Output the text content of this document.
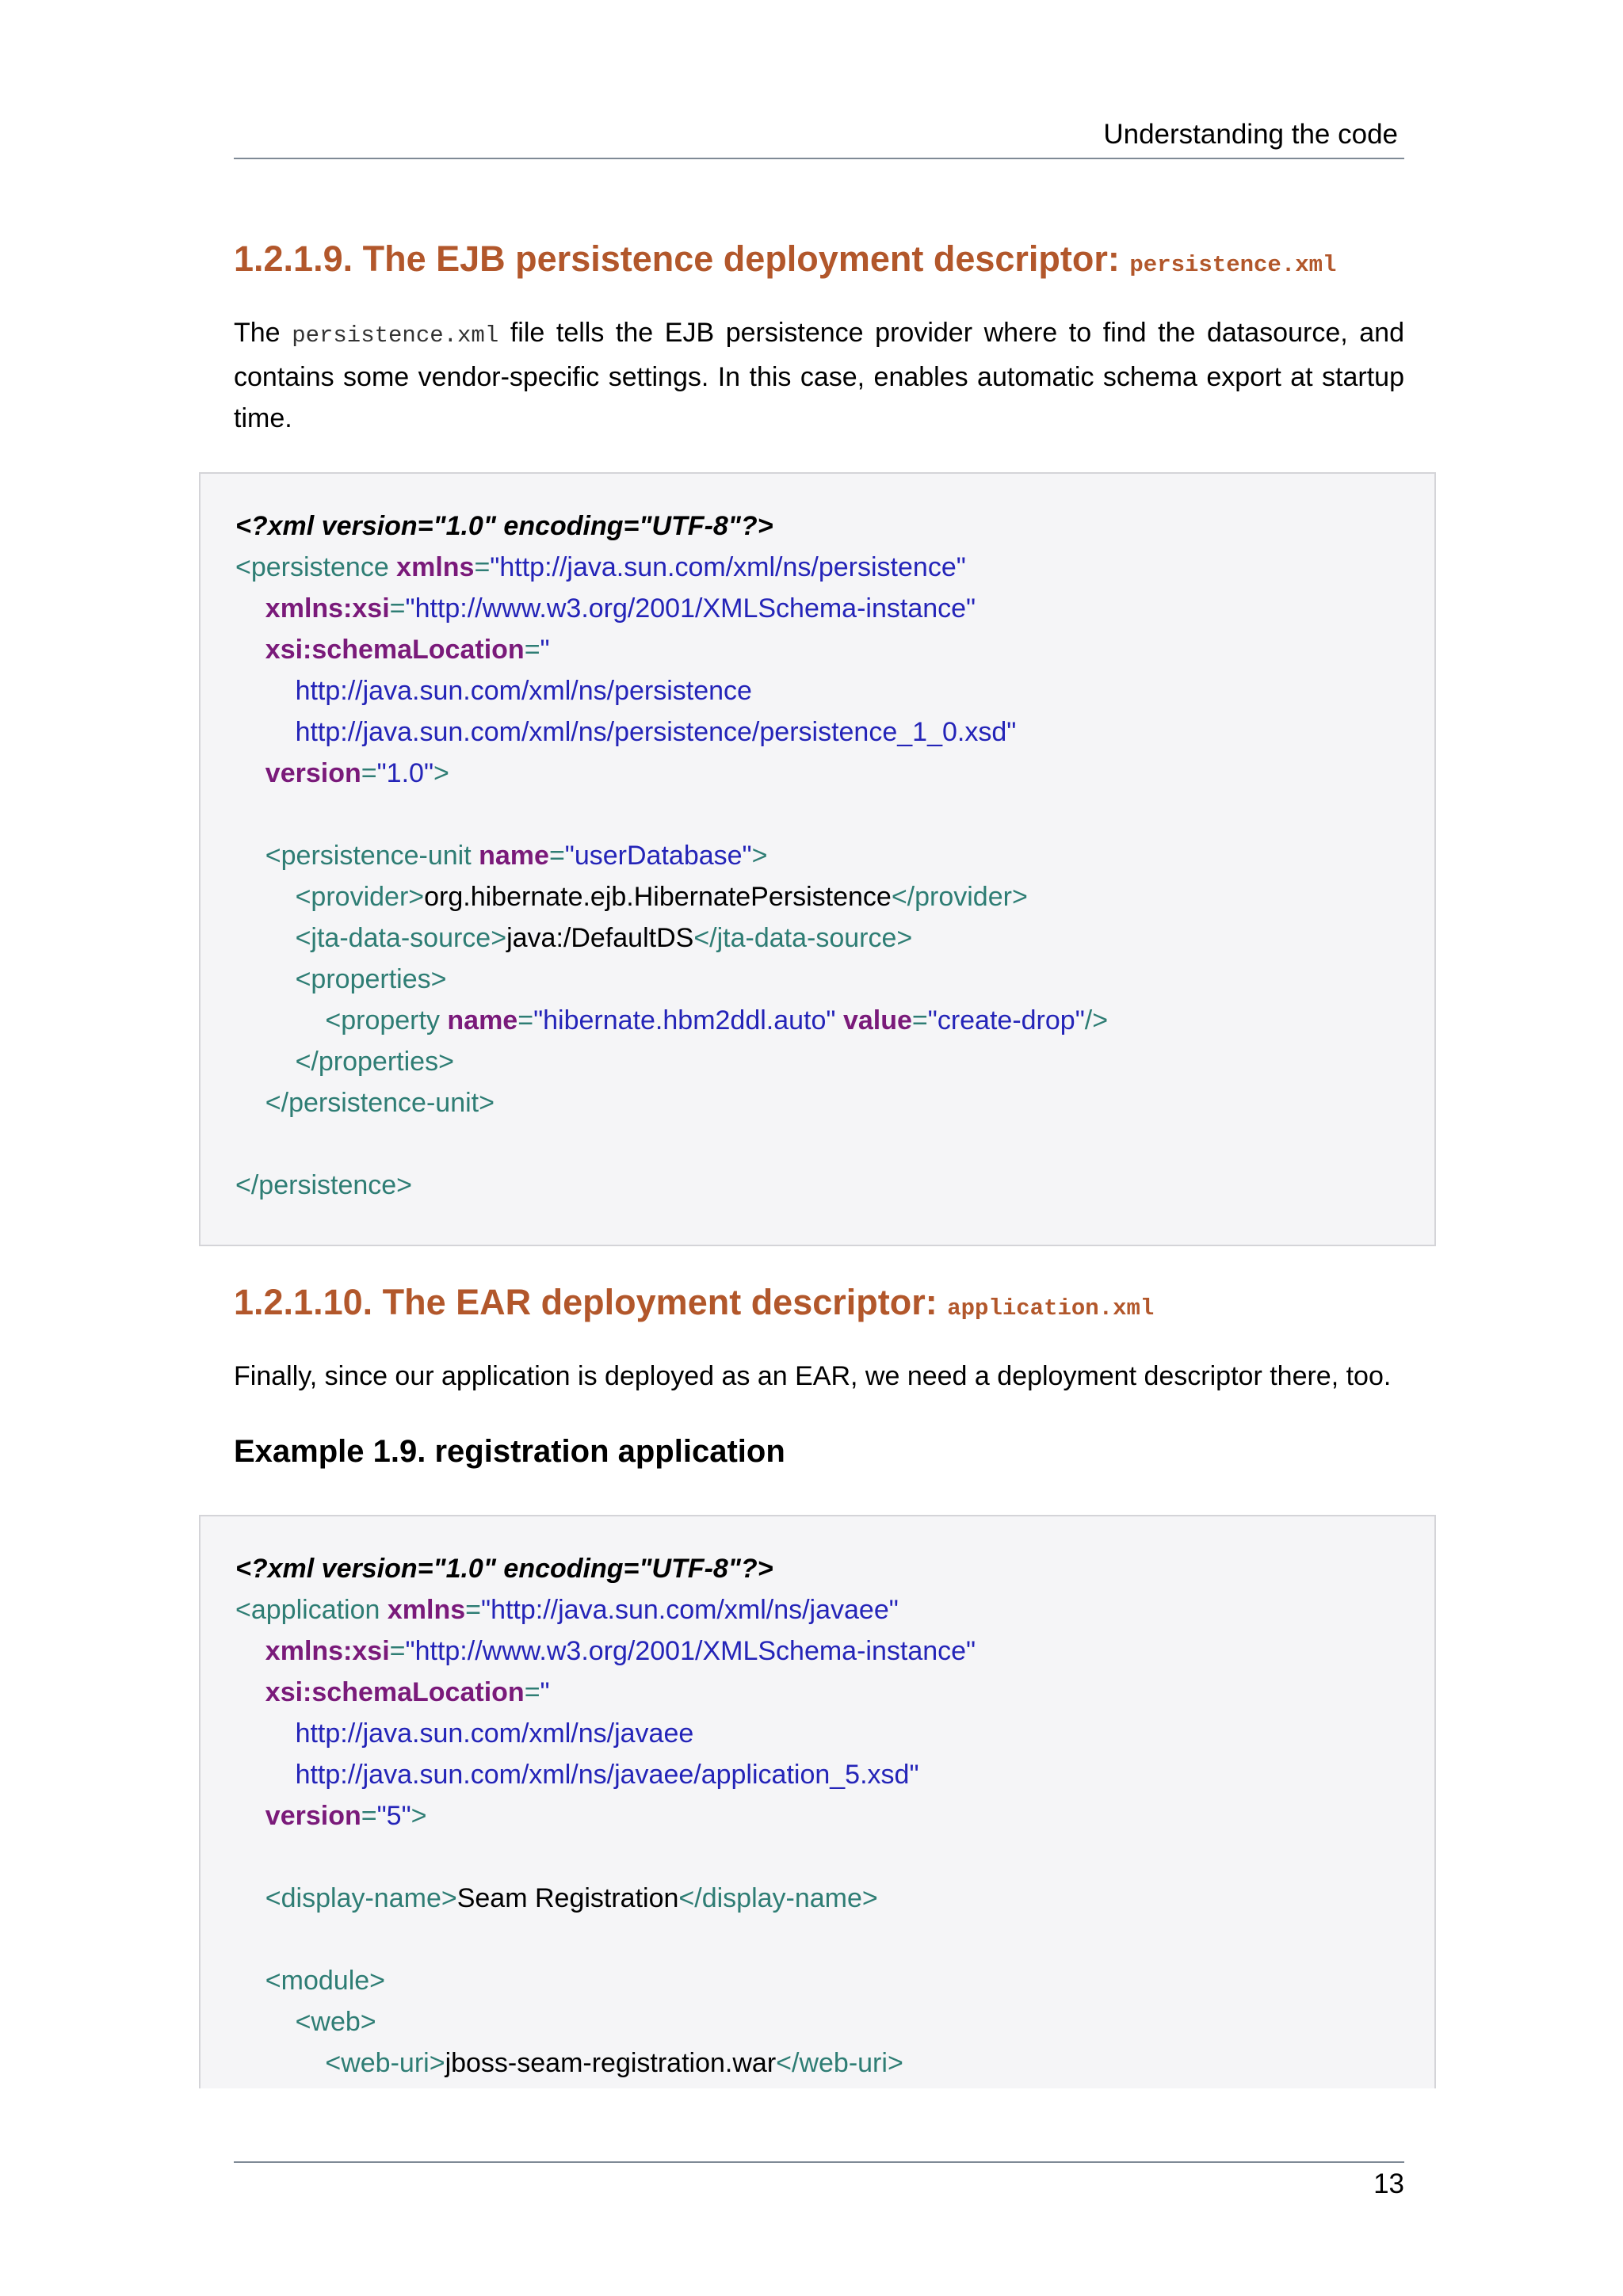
Understanding the code
1.2.1.9. The EJB persistence deployment descriptor: persistence.xml
The persistence.xml file tells the EJB persistence provider where to find the datasource, and contains some vendor-specific settings. In this case, enables automatic schema export at startup time.
<?xml version="1.0" encoding="UTF-8"?>
<persistence xmlns="http://java.sun.com/xml/ns/persistence"
xmlns:xsi="http://www.w3.org/2001/XMLSchema-instance"
xsi:schemaLocation="
http://java.sun.com/xml/ns/persistence
http://java.sun.com/xml/ns/persistence/persistence_1_0.xsd"
version="1.0">
<persistence-unit name="userDatabase">
<provider>org.hibernate.ejb.HibernatePersistence</provider>
<jta-data-source>java:/DefaultDS</jta-data-source>
<properties>
<property name="hibernate.hbm2ddl.auto" value="create-drop"/>
</properties>
</persistence-unit>
</persistence>
1.2.1.10. The EAR deployment descriptor: application.xml
Finally, since our application is deployed as an EAR, we need a deployment descriptor there, too.
Example 1.9. registration application
<?xml version="1.0" encoding="UTF-8"?>
<application xmlns="http://java.sun.com/xml/ns/javaee"
xmlns:xsi="http://www.w3.org/2001/XMLSchema-instance"
xsi:schemaLocation="
http://java.sun.com/xml/ns/javaee
http://java.sun.com/xml/ns/javaee/application_5.xsd"
version="5">
<display-name>Seam Registration</display-name>
<module>
<web>
<web-uri>jboss-seam-registration.war</web-uri>
13
